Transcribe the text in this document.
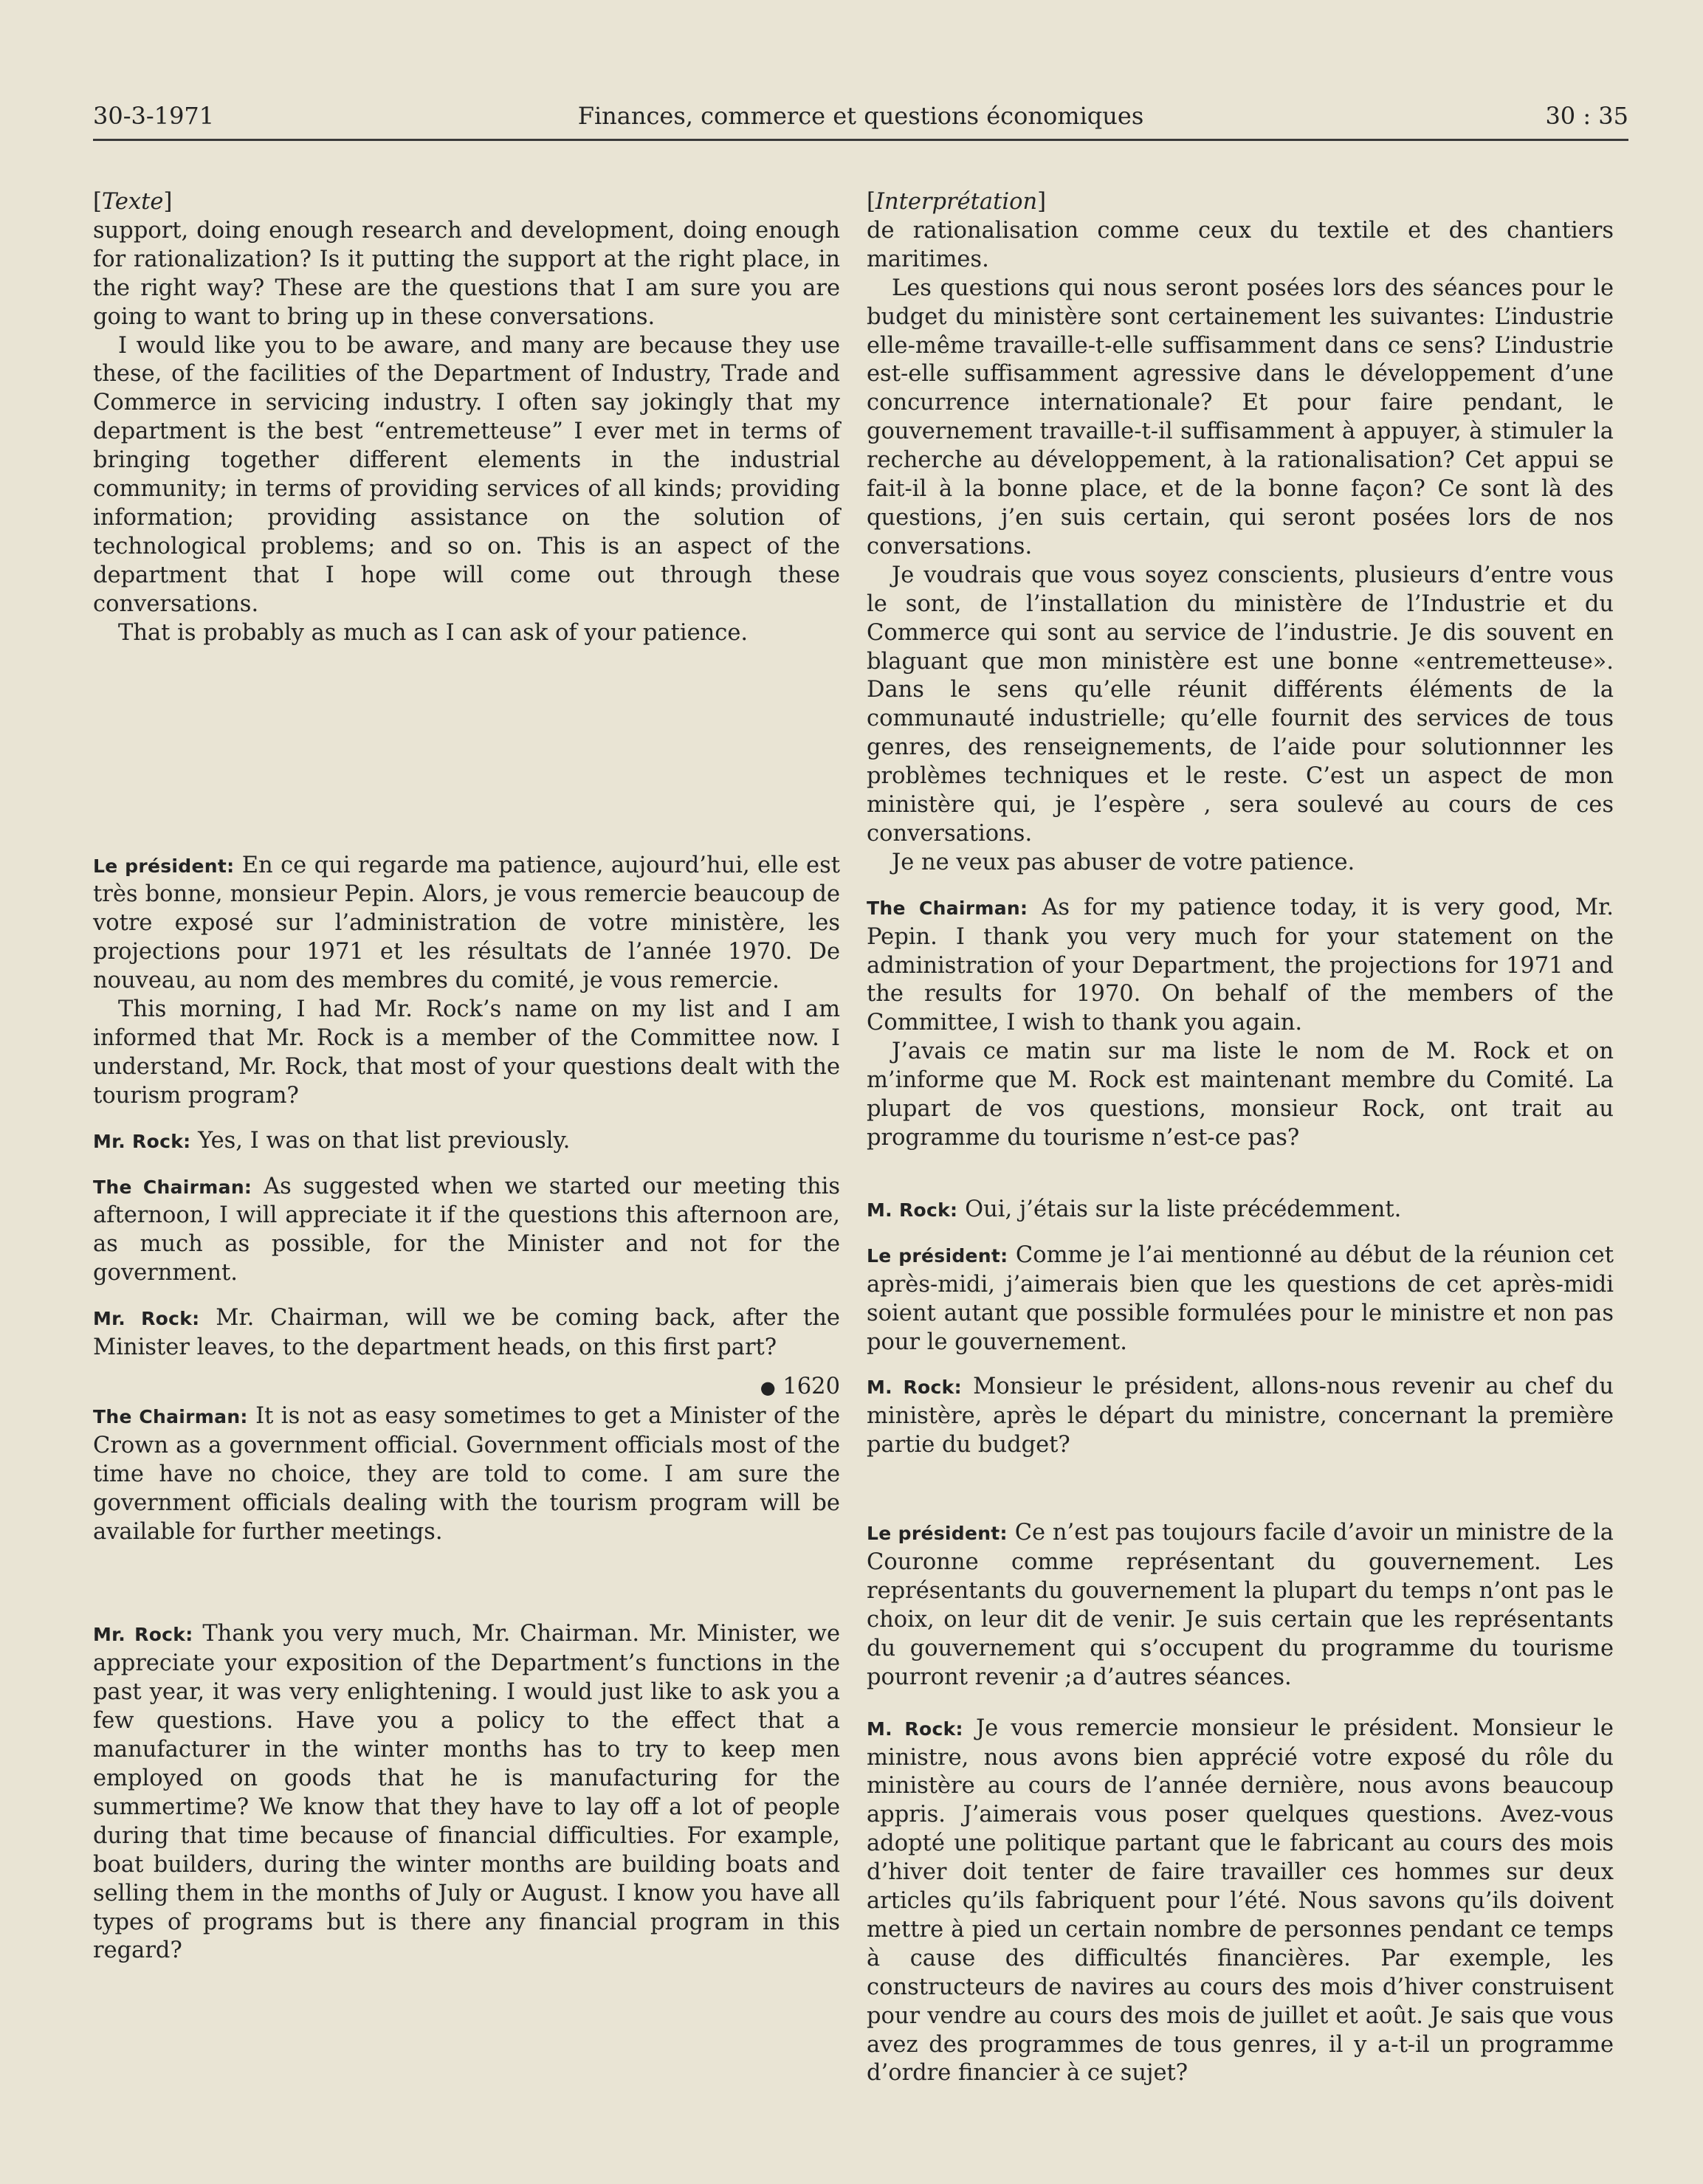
30-3-1971	Finances, commerce et questions économiques	30 : 35
[Texte]

support, doing enough research and development, doing enough for rationalization? Is it putting the support at the right place, in the right way? These are the questions that I am sure you are going to want to bring up in these conversations.

I would like you to be aware, and many are because they use these, of the facilities of the Department of Industry, Trade and Commerce in servicing industry. I often say jokingly that my department is the best “entremetteuse” I ever met in terms of bringing together different elements in the industrial community; in terms of providing services of all kinds; providing information; providing assistance on the solution of technological problems; and so on. This is an aspect of the department that I hope will come out through these conversations.

That is probably as much as I can ask of your patience.

Le président: En ce qui regarde ma patience, aujourd’hui, elle est très bonne, monsieur Pepin. Alors, je vous remercie beaucoup de votre exposé sur l’administration de votre ministère, les projections pour 1971 et les résultats de l’année 1970. De nouveau, au nom des membres du comité, je vous remercie.

This morning, I had Mr. Rock’s name on my list and I am informed that Mr. Rock is a member of the Committee now. I understand, Mr. Rock, that most of your questions dealt with the tourism program?

Mr. Rock: Yes, I was on that list previously.

The Chairman: As suggested when we started our meeting this afternoon, I will appreciate it if the questions this afternoon are, as much as possible, for the Minister and not for the government.

Mr. Rock: Mr. Chairman, will we be coming back, after the Minister leaves, to the department heads, on this first part?

● 1620

The Chairman: It is not as easy sometimes to get a Minister of the Crown as a government official. Government officials most of the time have no choice, they are told to come. I am sure the government officials dealing with the tourism program will be available for further meetings.

Mr. Rock: Thank you very much, Mr. Chairman. Mr. Minister, we appreciate your exposition of the Department’s functions in the past year, it was very enlightening. I would just like to ask you a few questions. Have you a policy to the effect that a manufacturer in the winter months has to try to keep men employed on goods that he is manufacturing for the summertime? We know that they have to lay off a lot of people during that time because of financial difficulties. For example, boat builders, during the winter months are building boats and selling them in the months of July or August. I know you have all types of programs but is there any financial program in this regard?

[Interprétation]

de rationalisation comme ceux du textile et des chantiers maritimes.

Les questions qui nous seront posées lors des séances pour le budget du ministère sont certainement les suivantes: L’industrie elle-même travaille-t-elle suffisamment dans ce sens? L’industrie est-elle suffisamment agressive dans le développement d’une concurrence internationale? Et pour faire pendant, le gouvernement travaille-t-il suffisamment à appuyer, à stimuler la recherche au développement, à la rationalisation? Cet appui se fait-il à la bonne place, et de la bonne façon? Ce sont là des questions, j’en suis certain, qui seront posées lors de nos conversations.

Je voudrais que vous soyez conscients, plusieurs d’entre vous le sont, de l’installation du ministère de l’Industrie et du Commerce qui sont au service de l’industrie. Je dis souvent en blaguant que mon ministère est une bonne «entremetteuse». Dans le sens qu’elle réunit différents éléments de la communauté industrielle; qu’elle fournit des services de tous genres, des renseignements, de l’aide pour solutionnner les problèmes techniques et le reste. C’est un aspect de mon ministère qui, je l’espère , sera soulevé au cours de ces conversations.

Je ne veux pas abuser de votre patience.

The Chairman: As for my patience today, it is very good, Mr. Pepin. I thank you very much for your statement on the administration of your Department, the projections for 1971 and the results for 1970. On behalf of the members of the Committee, I wish to thank you again.

J’avais ce matin sur ma liste le nom de M. Rock et on m’informe que M. Rock est maintenant membre du Comité. La plupart de vos questions, monsieur Rock, ont trait au programme du tourisme n’est-ce pas?

M. Rock: Oui, j’étais sur la liste précédemment.

Le président: Comme je l’ai mentionné au début de la réunion cet après-midi, j’aimerais bien que les questions de cet après-midi soient autant que possible formulées pour le ministre et non pas pour le gouvernement.

M. Rock: Monsieur le président, allons-nous revenir au chef du ministère, après le départ du ministre, concernant la première partie du budget?

Le président: Ce n’est pas toujours facile d’avoir un ministre de la Couronne comme représentant du gouvernement. Les représentants du gouvernement la plupart du temps n’ont pas le choix, on leur dit de venir. Je suis certain que les représentants du gouvernement qui s’occupent du programme du tourisme pourront revenir ;a d’autres séances.

M. Rock: Je vous remercie monsieur le président. Monsieur le ministre, nous avons bien apprécié votre exposé du rôle du ministère au cours de l’année dernière, nous avons beaucoup appris. J’aimerais vous poser quelques questions. Avez-vous adopté une politique partant que le fabricant au cours des mois d’hiver doit tenter de faire travailler ces hommes sur deux articles qu’ils fabriquent pour l’été. Nous savons qu’ils doivent mettre à pied un certain nombre de personnes pendant ce temps à cause des difficultés financières. Par exemple, les constructeurs de navires au cours des mois d’hiver construisent pour vendre au cours des mois de juillet et août. Je sais que vous avez des programmes de tous genres, il y a-t-il un programme d’ordre financier à ce sujet?
